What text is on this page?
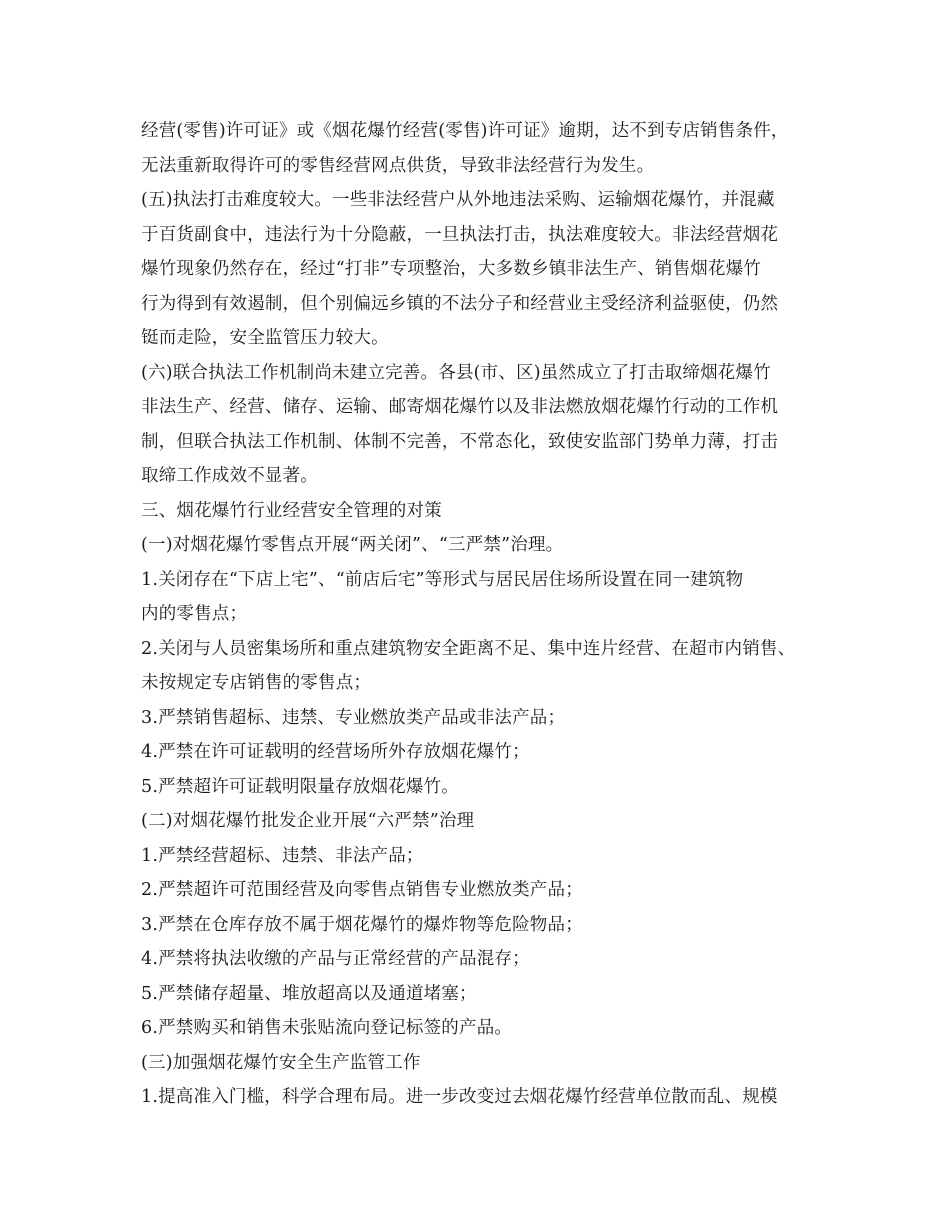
经营(零售)许可证》或《烟花爆竹经营(零售)许可证》逾期，达不到专店销售条件，
无法重新取得许可的零售经营网点供货，导致非法经营行为发生。
(五)执法打击难度较大。一些非法经营户从外地违法采购、运输烟花爆竹，并混藏
于百货副食中，违法行为十分隐蔽，一旦执法打击，执法难度较大。非法经营烟花
爆竹现象仍然存在，经过“打非”专项整治，大多数乡镇非法生产、销售烟花爆竹
行为得到有效遏制，但个别偏远乡镇的不法分子和经营业主受经济利益驱使，仍然
铤而走险，安全监管压力较大。
(六)联合执法工作机制尚未建立完善。各县(市、区)虽然成立了打击取缔烟花爆竹
非法生产、经营、储存、运输、邮寄烟花爆竹以及非法燃放烟花爆竹行动的工作机
制，但联合执法工作机制、体制不完善，不常态化，致使安监部门势单力薄，打击
取缔工作成效不显著。
三、烟花爆竹行业经营安全管理的对策
(一)对烟花爆竹零售点开展“两关闭”、“三严禁”治理。
1.关闭存在“下店上宅”、“前店后宅”等形式与居民居住场所设置在同一建筑物
内的零售点；
2.关闭与人员密集场所和重点建筑物安全距离不足、集中连片经营、在超市内销售、
未按规定专店销售的零售点；
3.严禁销售超标、违禁、专业燃放类产品或非法产品；
4.严禁在许可证载明的经营场所外存放烟花爆竹；
5.严禁超许可证载明限量存放烟花爆竹。
(二)对烟花爆竹批发企业开展“六严禁”治理
1.严禁经营超标、违禁、非法产品；
2.严禁超许可范围经营及向零售点销售专业燃放类产品；
3.严禁在仓库存放不属于烟花爆竹的爆炸物等危险物品；
4.严禁将执法收缴的产品与正常经营的产品混存；
5.严禁储存超量、堆放超高以及通道堵塞；
6.严禁购买和销售未张贴流向登记标签的产品。
(三)加强烟花爆竹安全生产监管工作
1.提高准入门槛，科学合理布局。进一步改变过去烟花爆竹经营单位散而乱、规模
